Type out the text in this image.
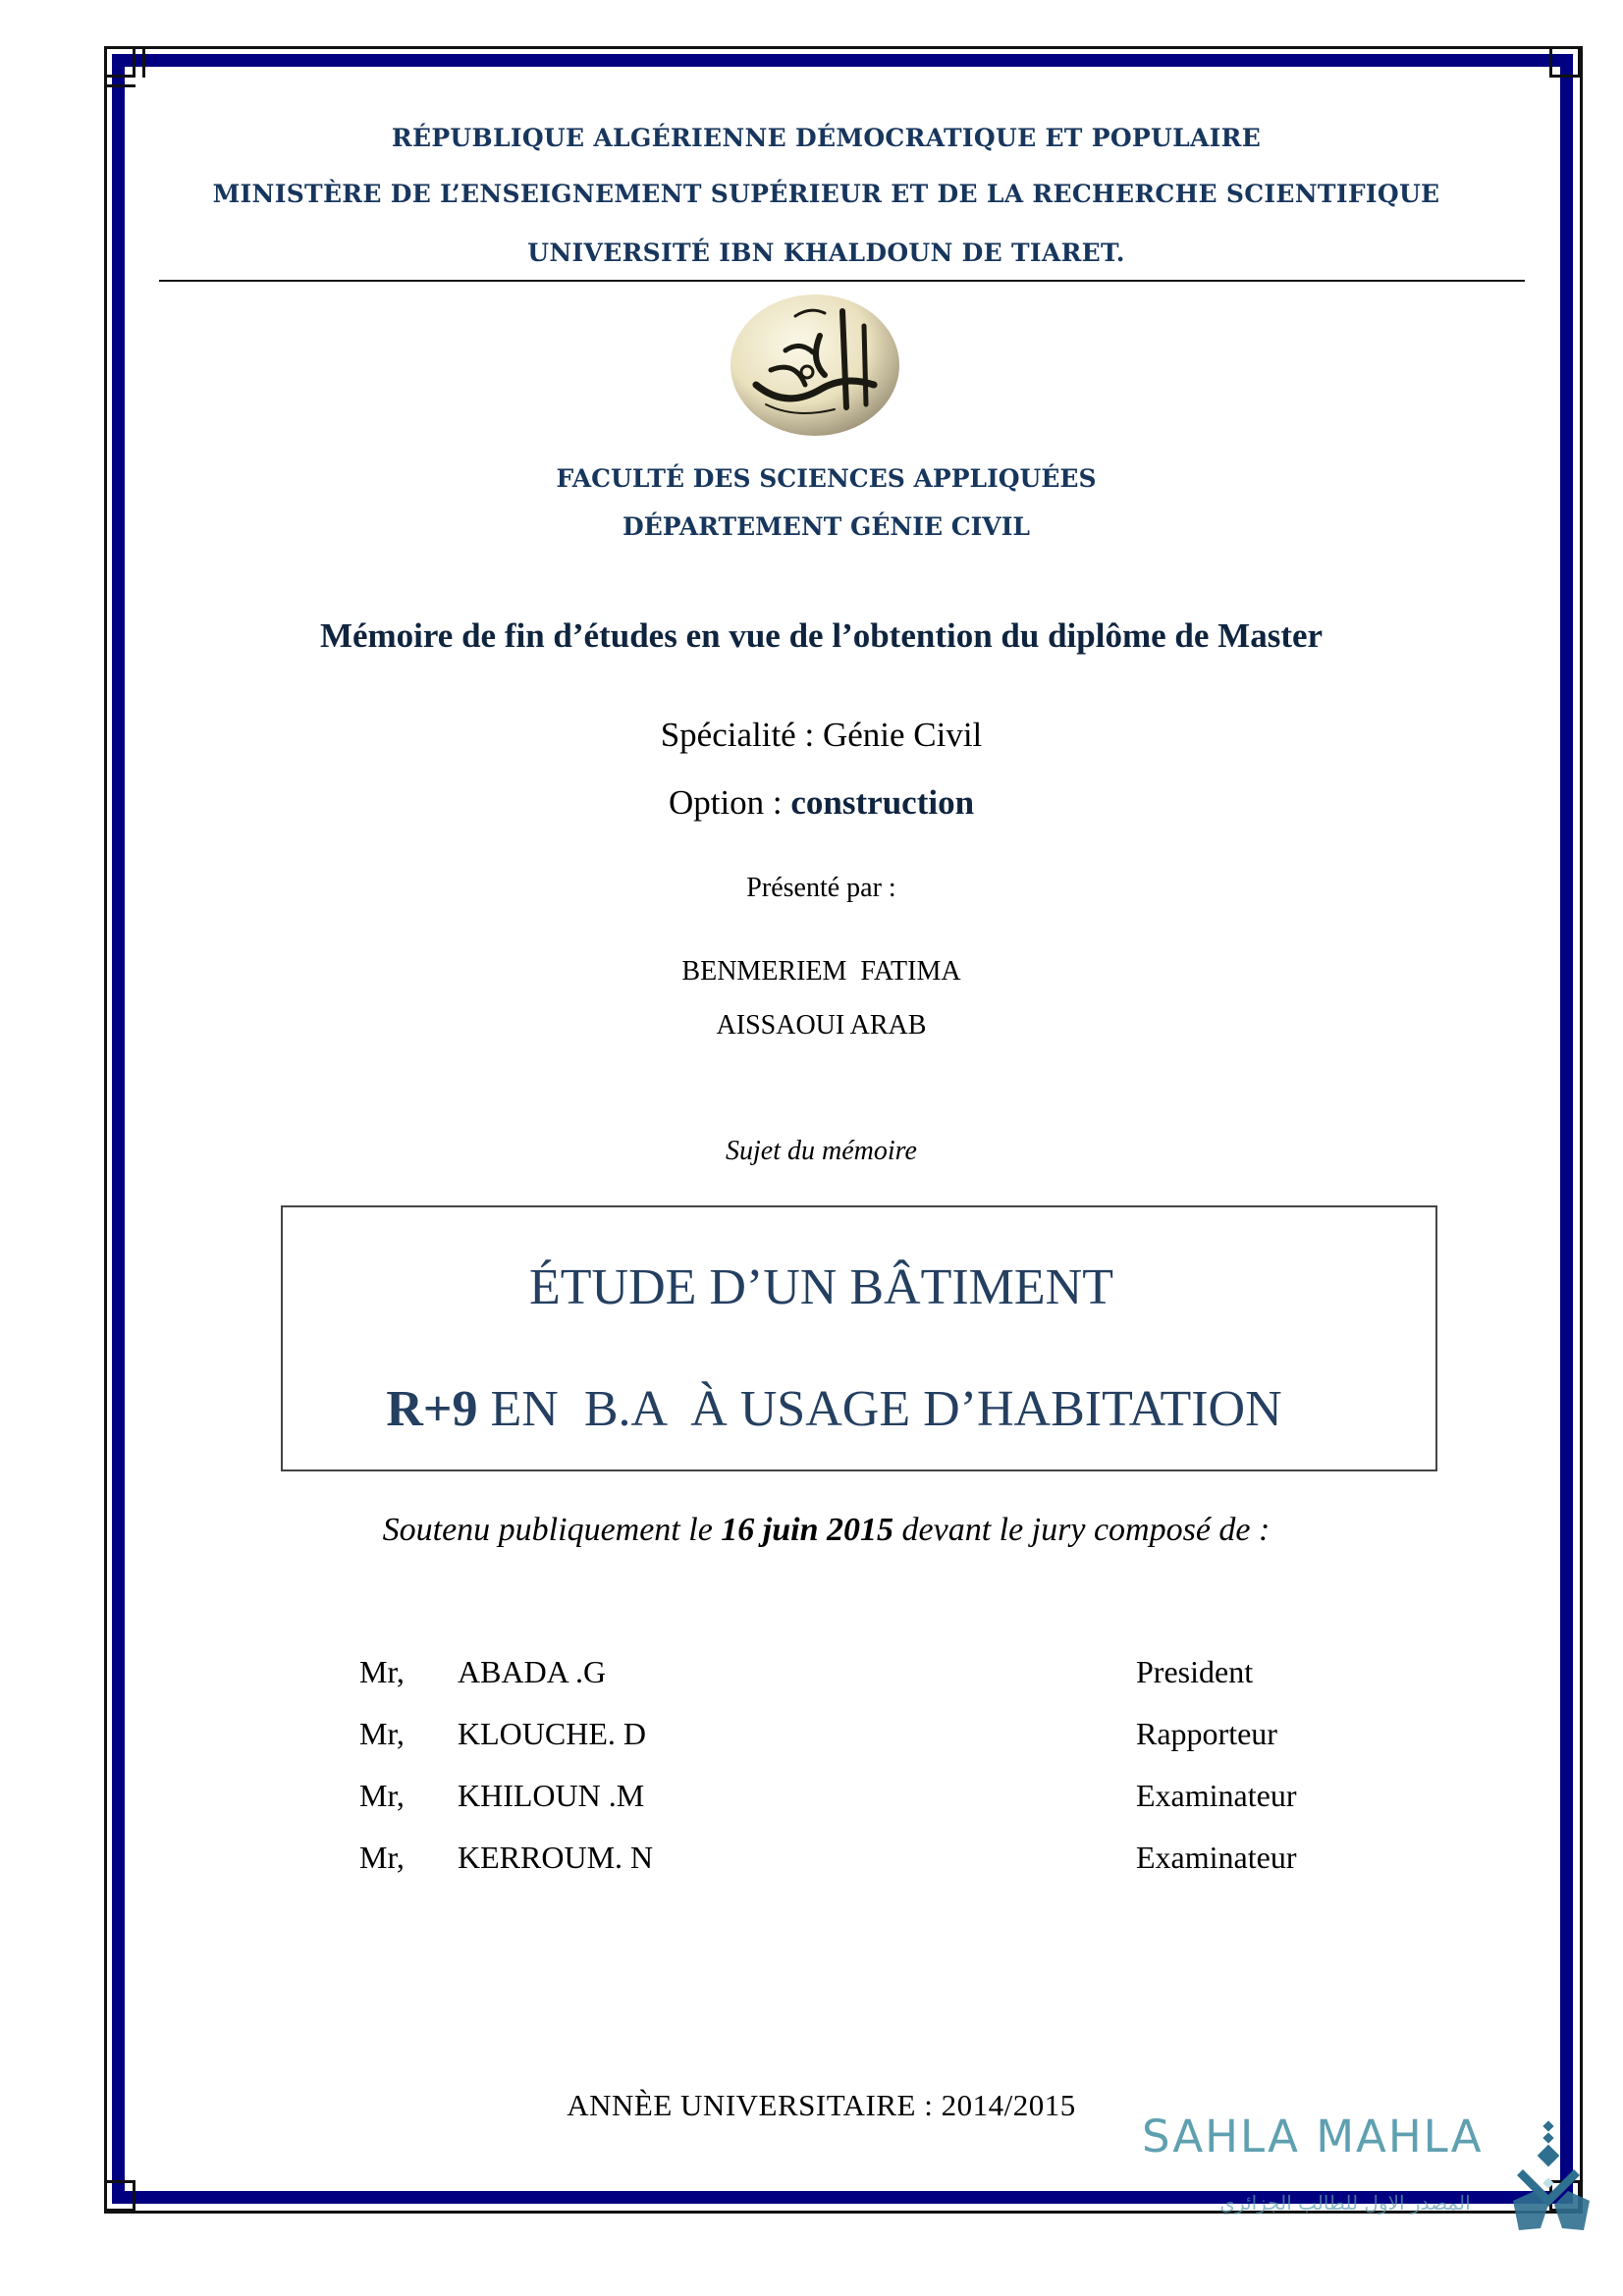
RÉPUBLIQUE ALGÉRIENNE DÉMOCRATIQUE ET POPULAIRE
MINISTÈRE DE L’ENSEIGNEMENT SUPÉRIEUR ET DE LA RECHERCHE SCIENTIFIQUE
UNIVERSITÉ IBN KHALDOUN DE TIARET.
FACULTÉ DES SCIENCES APPLIQUÉES
DÉPARTEMENT GÉNIE CIVIL
Mémoire de fin d’études en vue de l’obtention du diplôme de Master
Spécialité : Génie Civil
Option : construction
Présenté par :
BENMERIEM  FATIMA
AISSAOUI ARAB
Sujet du mémoire
ÉTUDE D’UN BÂTIMENT

R+9 EN  B.A  À USAGE D’HABITATION

Soutenu publiquement le 16 juin 2015 devant le jury composé de :
Mr, ABADA .G	President
Mr, KLOUCHE. D	Rapporteur
Mr, KHILOUN .M	Examinateur
Mr, KERROUM. N	Examinateur
ANNÈE UNIVERSITAIRE : 2014/2015
SAHLA MAHLA
المصدر الاول للطالب الجزائري
